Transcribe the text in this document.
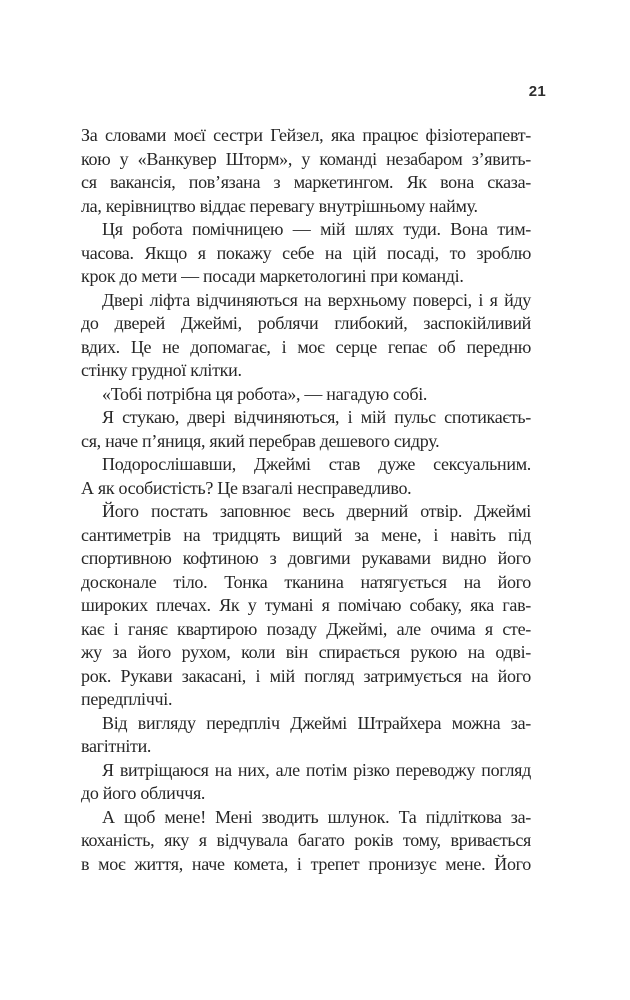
21
За словами моєї сестри Гейзел, яка працює фізіотерапевт-
кою у «Ванкувер Шторм», у команді незабаром з’явить-
ся вакансія, пов’язана з маркетингом. Як вона сказа-
ла, керівництво віддає перевагу внутрішньому найму.
Ця робота помічницею — мій шлях туди. Вона тим-
часова. Якщо я покажу себе на цій посаді, то зроблю
крок до мети — посади маркетологині при команді.
Двері ліфта відчиняються на верхньому поверсі, і я йду
до дверей Джеймі, роблячи глибокий, заспокійливий
вдих. Це не допомагає, і моє серце гепає об передню
стінку грудної клітки.
«Тобі потрібна ця робота», — нагадую собі.
Я стукаю, двері відчиняються, і мій пульс спотикаєть-
ся, наче п’яниця, який перебрав дешевого сидру.
Подорослішавши, Джеймі став дуже сексуальним.
А як особистість? Це взагалі несправедливо.
Його постать заповнює весь дверний отвір. Джеймі
сантиметрів на тридцять вищий за мене, і навіть під
спортивною кофтиною з довгими рукавами видно його
досконале тіло. Тонка тканина натягується на його
широких плечах. Як у тумані я помічаю собаку, яка гав-
кає і ганяє квартирою позаду Джеймі, але очима я сте-
жу за його рухом, коли він спирається рукою на одві-
рок. Рукави закасані, і мій погляд затримується на його
передпліччі.
Від вигляду передпліч Джеймі Штрайхера можна за-
вагітніти.
Я витріщаюся на них, але потім різко переводжу погляд
до його обличчя.
А щоб мене! Мені зводить шлунок. Та підліткова за-
коханість, яку я відчувала багато років тому, вривається
в моє життя, наче комета, і трепет пронизує мене. Його
